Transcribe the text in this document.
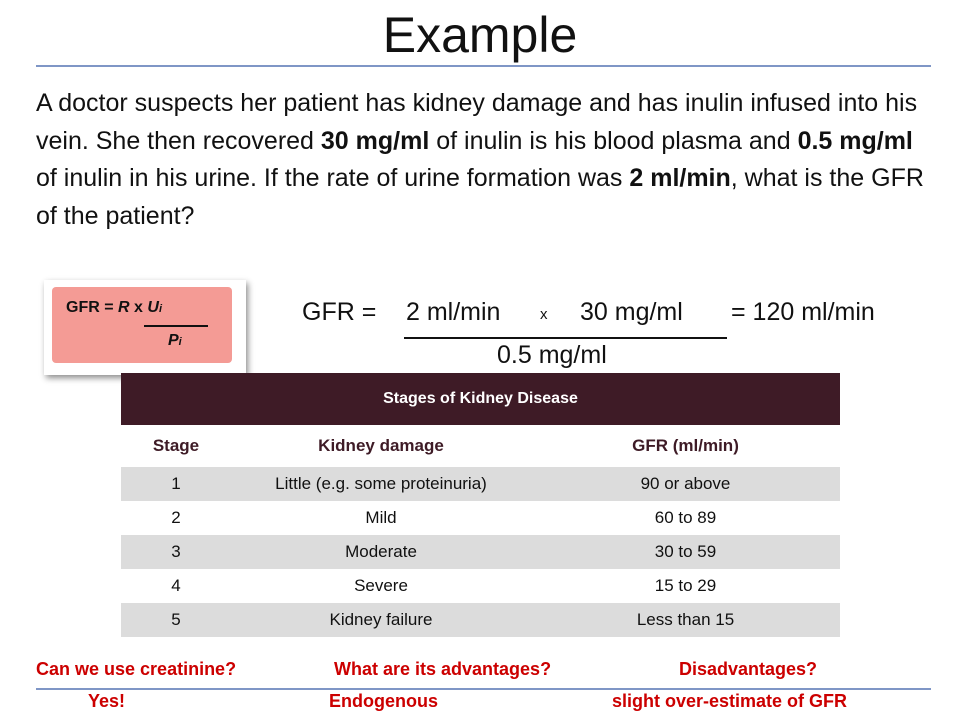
Example
A doctor suspects her patient has kidney damage and has inulin infused into his vein. She then recovered 30 mg/ml of inulin is his blood plasma and 0.5 mg/ml of inulin in his urine. If the rate of urine formation was 2 ml/min, what is the GFR of the patient?
GFR = R x Ui
Pi
GFR = 2 ml/min	x 30 mg/ml = 120 ml/min
0.5 mg/ml
Stages of Kidney Disease		
Stage	Kidney damage	GFR (ml/min)
1	Little (e.g. some proteinuria)	90 or above
2	Mild	60 to 89
3	Moderate	30 to 59
4	Severe	15 to 29
5	Kidney failure	Less than 15
Can we use creatinine?	What are its advantages?	Disadvantages?
Yes!	Endogenous	slight over-estimate of GFR
